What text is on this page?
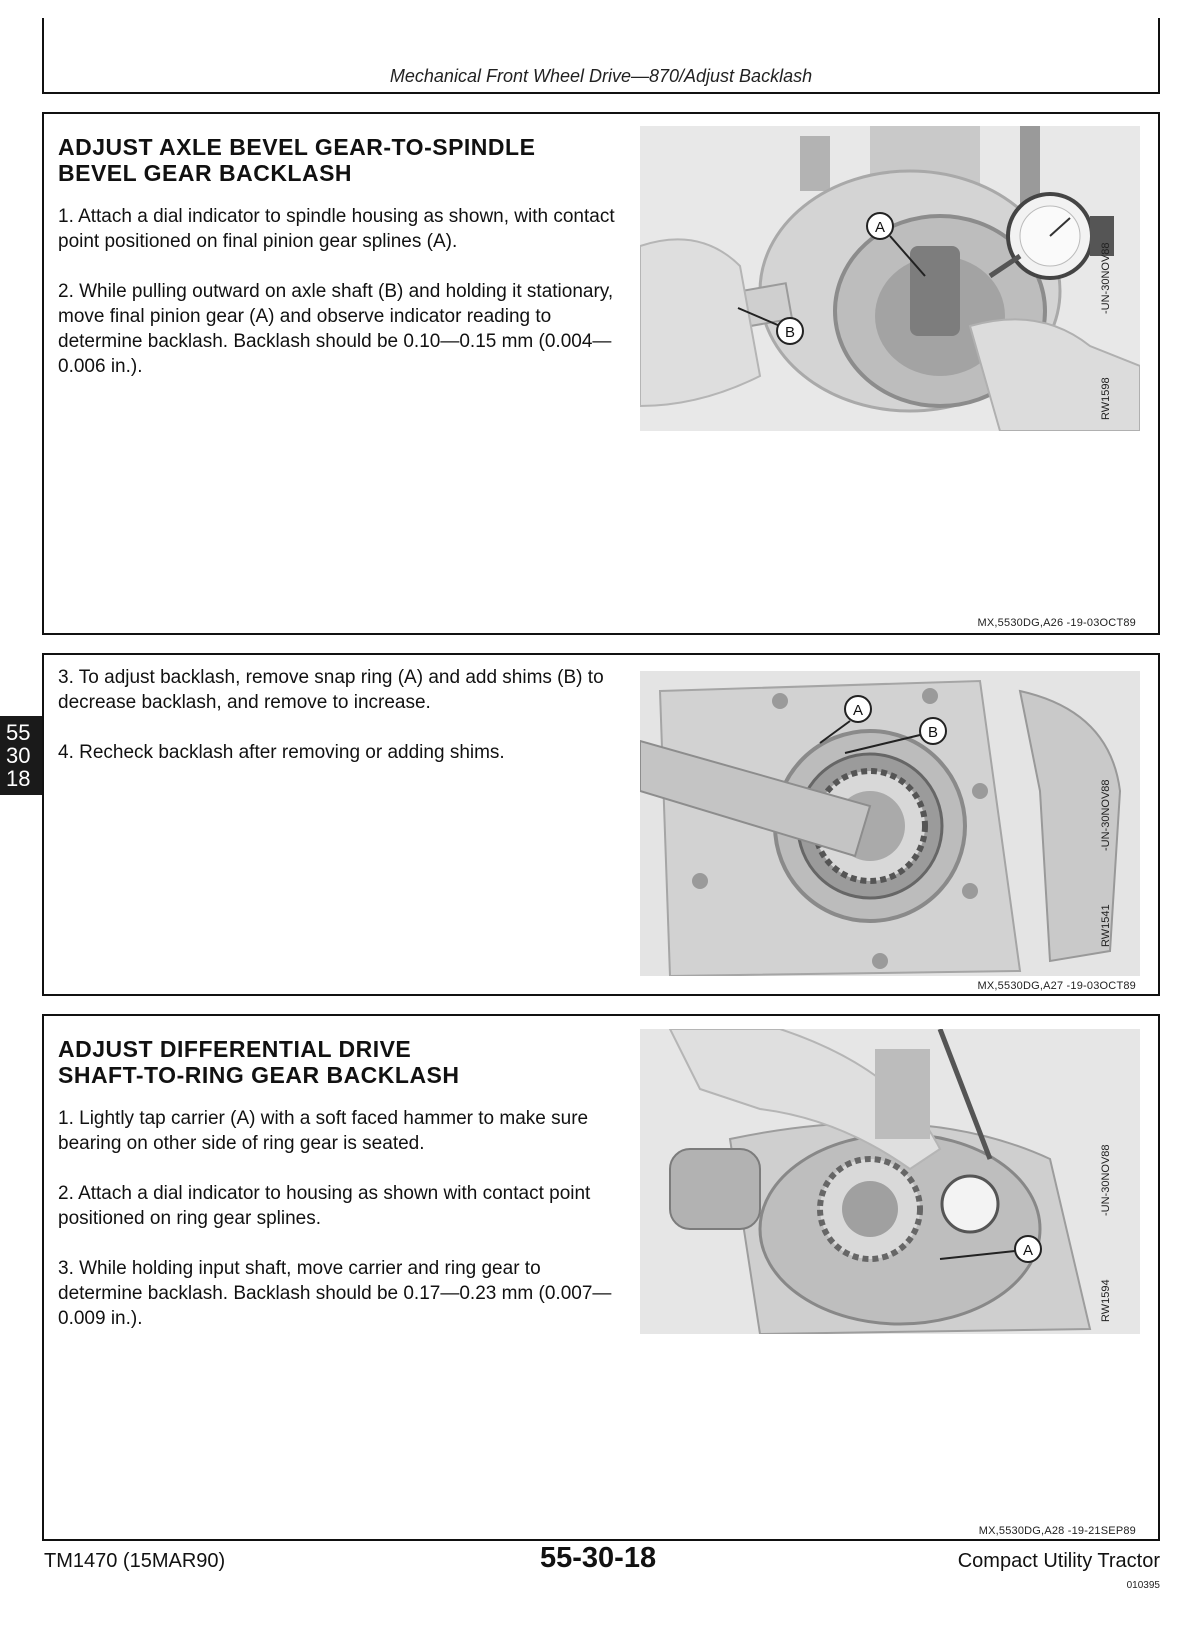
Mechanical Front Wheel Drive—870/Adjust Backlash
ADJUST AXLE BEVEL GEAR-TO-SPINDLE
BEVEL GEAR BACKLASH

1. Attach a dial indicator to spindle housing as shown, with contact point positioned on final pinion gear splines (A).

2. While pulling outward on axle shaft (B) and holding it stationary, move final pinion gear (A) and observe indicator reading to determine backlash. Backlash should be 0.10—0.15 mm (0.004—0.006 in.).

A
B
-UN-30NOV88
RW1598
MX,5530DG,A26 -19-03OCT89

3. To adjust backlash, remove snap ring (A) and add shims (B) to decrease backlash, and remove to increase.

4. Recheck backlash after removing or adding shims.

A
B
-UN-30NOV88
RW1541
MX,5530DG,A27 -19-03OCT89
ADJUST DIFFERENTIAL DRIVE
SHAFT-TO-RING GEAR BACKLASH

1. Lightly tap carrier (A) with a soft faced hammer to make sure bearing on other side of ring gear is seated.

2. Attach a dial indicator to housing as shown with contact point positioned on ring gear splines.

3. While holding input shaft, move carrier and ring gear to determine backlash. Backlash should be 0.17—0.23 mm (0.007—0.009 in.).

A
-UN-30NOV88
RW1594
MX,5530DG,A28 -19-21SEP89
55
30
18
TM1470 (15MAR90)	55-30-18	Compact Utility Tractor
010395
